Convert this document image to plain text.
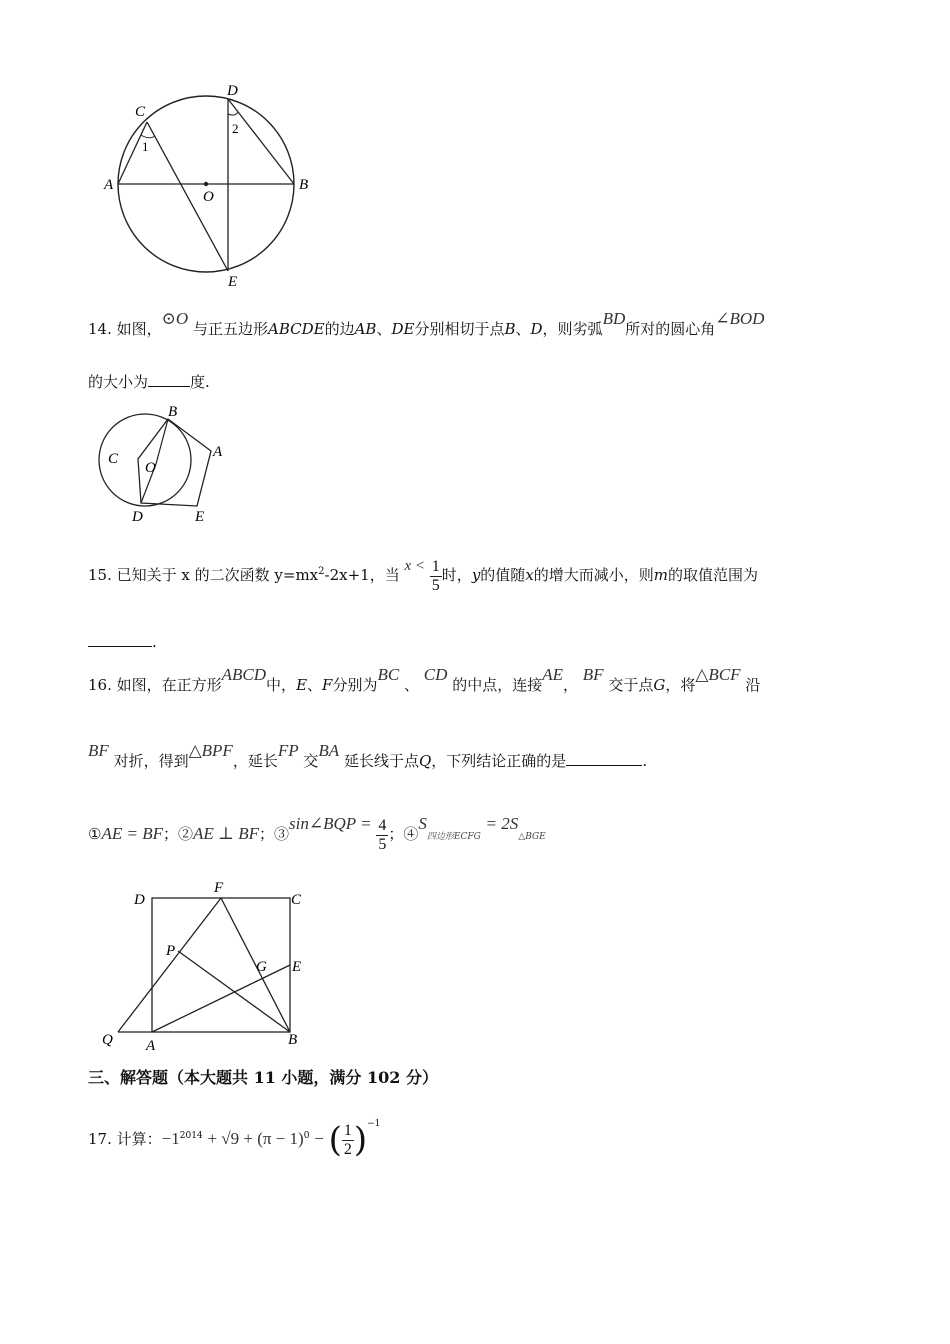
C
D
1
2
A
O
B
E
14. 如图，⊙O 与正五边形ABCDE的边AB、DE分别相切于点B、D，则劣弧BD所对的圆心角∠BOD
的大小为	度.
B
C
O
A
D	E
15. 已知关于 x 的二次函数 $y=mx^2-2x+1$，当 $x < \frac{1}{5}$ 时，y的值随x的增大而减小，则m的取值范围为
.
16. 如图，在正方形ABCD中，E、F分别为BC 、 CD 的中点，连接AE， BF 交于点G，将△BCF 沿
BF 对折，得到△BPF，延长FP 交BA 延长线于点Q，下列结论正确的是	.
①AE = BF；②AE ⊥ BF；③sin∠BQP = $\frac{4}{5}$ ；④S四边形ECFG = 2S△BGE
D
F
C
P
G E
Q A	B
三、解答题（本大题共 11 小题，满分 102 分）
17. 计算：$-1^{2014} + √9 + (\pi - 1)^0$ − ( $\frac{1}{2} )^{-1}$
